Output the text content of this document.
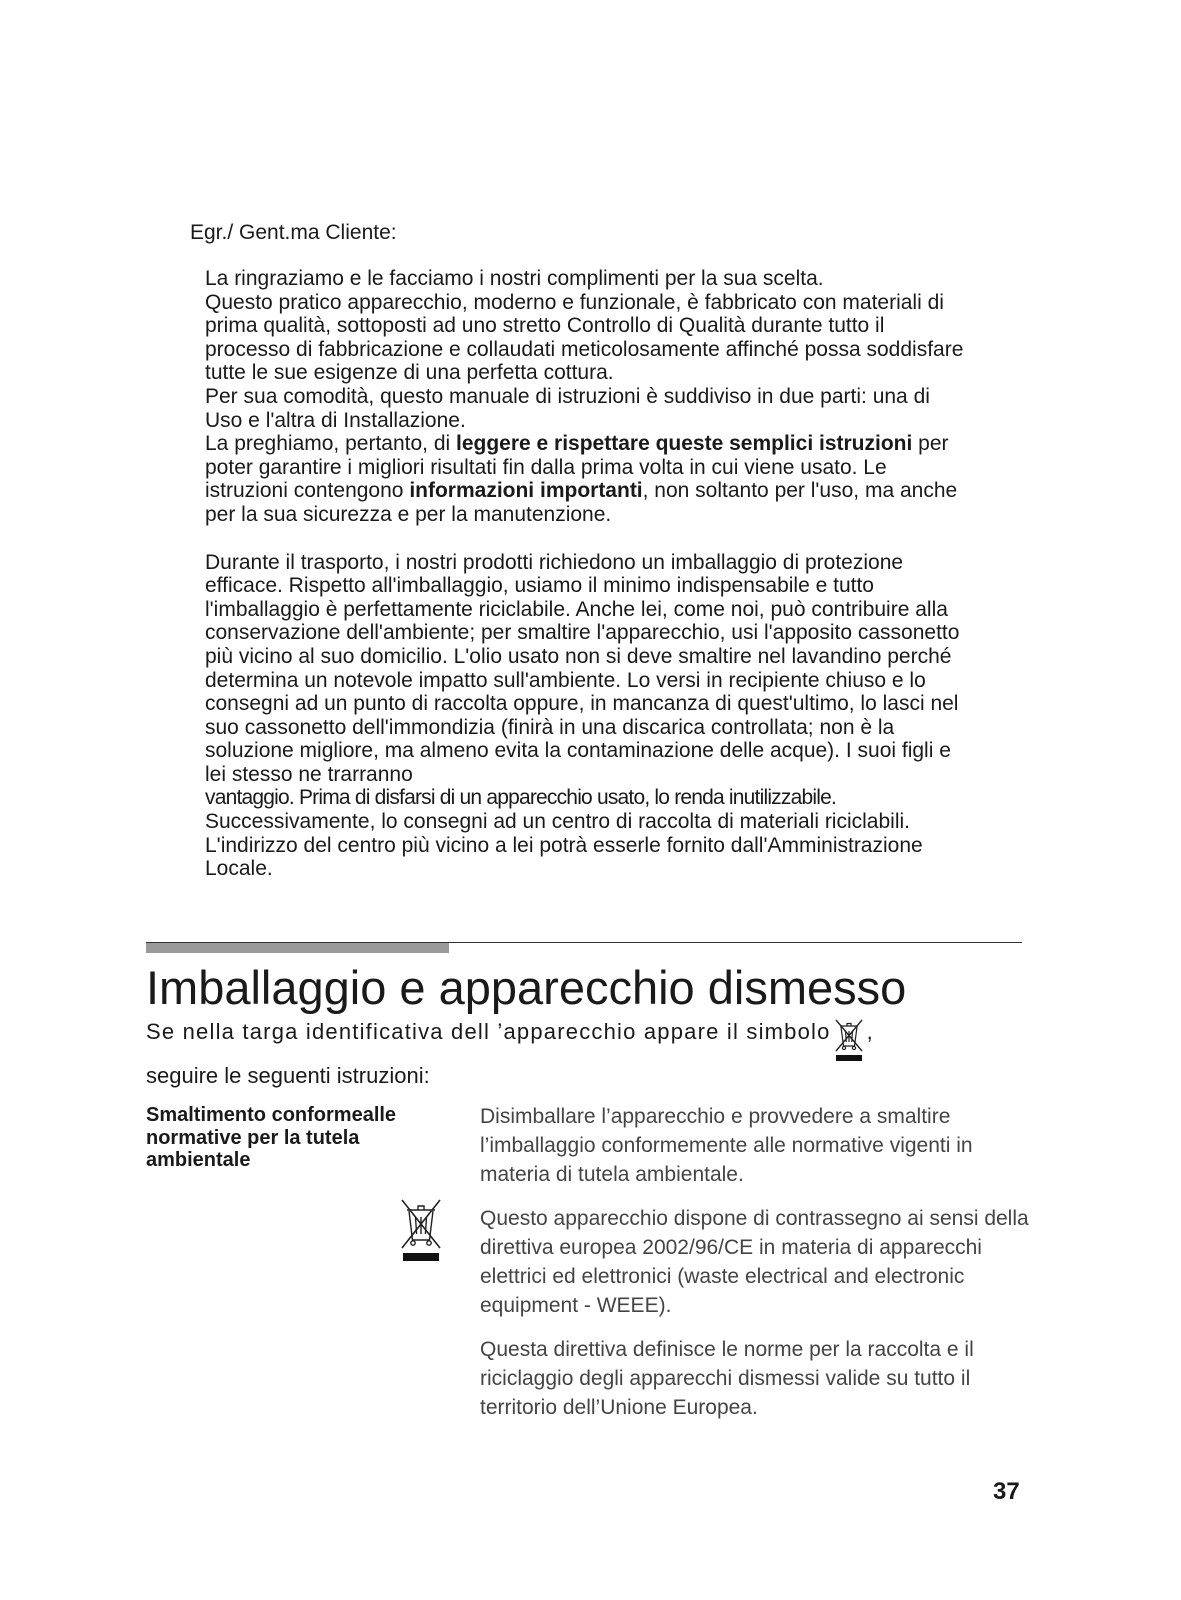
Egr./ Gent.ma Cliente:

La ringraziamo e le facciamo i nostri complimenti per la sua scelta.
Questo pratico apparecchio, moderno e funzionale, è fabbricato con materiali di prima qualità, sottoposti ad uno stretto Controllo di Qualità durante tutto il processo di fabbricazione e collaudati meticolosamente affinché possa soddisfare tutte le sue esigenze di una perfetta cottura.
Per sua comodità, questo manuale di istruzioni è suddiviso in due parti: una di Uso e l'altra di Installazione.
La preghiamo, pertanto, di leggere e rispettare queste semplici istruzioni per poter garantire i migliori risultati fin dalla prima volta in cui viene usato. Le istruzioni contengono informazioni importanti, non soltanto per l'uso, ma anche per la sua sicurezza e per la manutenzione.

Durante il trasporto, i nostri prodotti richiedono un imballaggio di protezione efficace. Rispetto all'imballaggio, usiamo il minimo indispensabile e tutto l'imballaggio è perfettamente riciclabile. Anche lei, come noi, può contribuire alla conservazione dell'ambiente; per smaltire l'apparecchio, usi l'apposito cassonetto più vicino al suo domicilio. L'olio usato non si deve smaltire nel lavandino perché determina un notevole impatto sull'ambiente. Lo versi in recipiente chiuso e lo consegni ad un punto di raccolta oppure, in mancanza di quest'ultimo, lo lasci nel suo cassonetto dell'immondizia (finirà in una discarica controllata; non è la soluzione migliore, ma almeno evita la contaminazione delle acque). I suoi figli e lei stesso ne trarranno
vantaggio. Prima di disfarsi di un apparecchio usato, lo renda inutilizzabile.
Successivamente, lo consegni ad un centro di raccolta di materiali riciclabili. L'indirizzo del centro più vicino a lei potrà esserle fornito dall'Amministrazione Locale.

Imballaggio e apparecchio dismesso
Se nella targa identificativa dell ’apparecchio appare il simbolo ,
seguire le seguenti istruzioni:
Smaltimento conformealle normative per la tutela ambientale

Disimballare l’apparecchio e provvedere a smaltire l’imballaggio conformemente alle normative vigenti in materia di tutela ambientale.

Questo apparecchio dispone di contrassegno ai sensi della direttiva europea 2002/96/CE in materia di apparecchi elettrici ed elettronici (waste electrical and electronic equipment - WEEE).

Questa direttiva definisce le norme per la raccolta e il riciclaggio degli apparecchi dismessi valide su tutto il territorio dell’Unione Europea.

37
